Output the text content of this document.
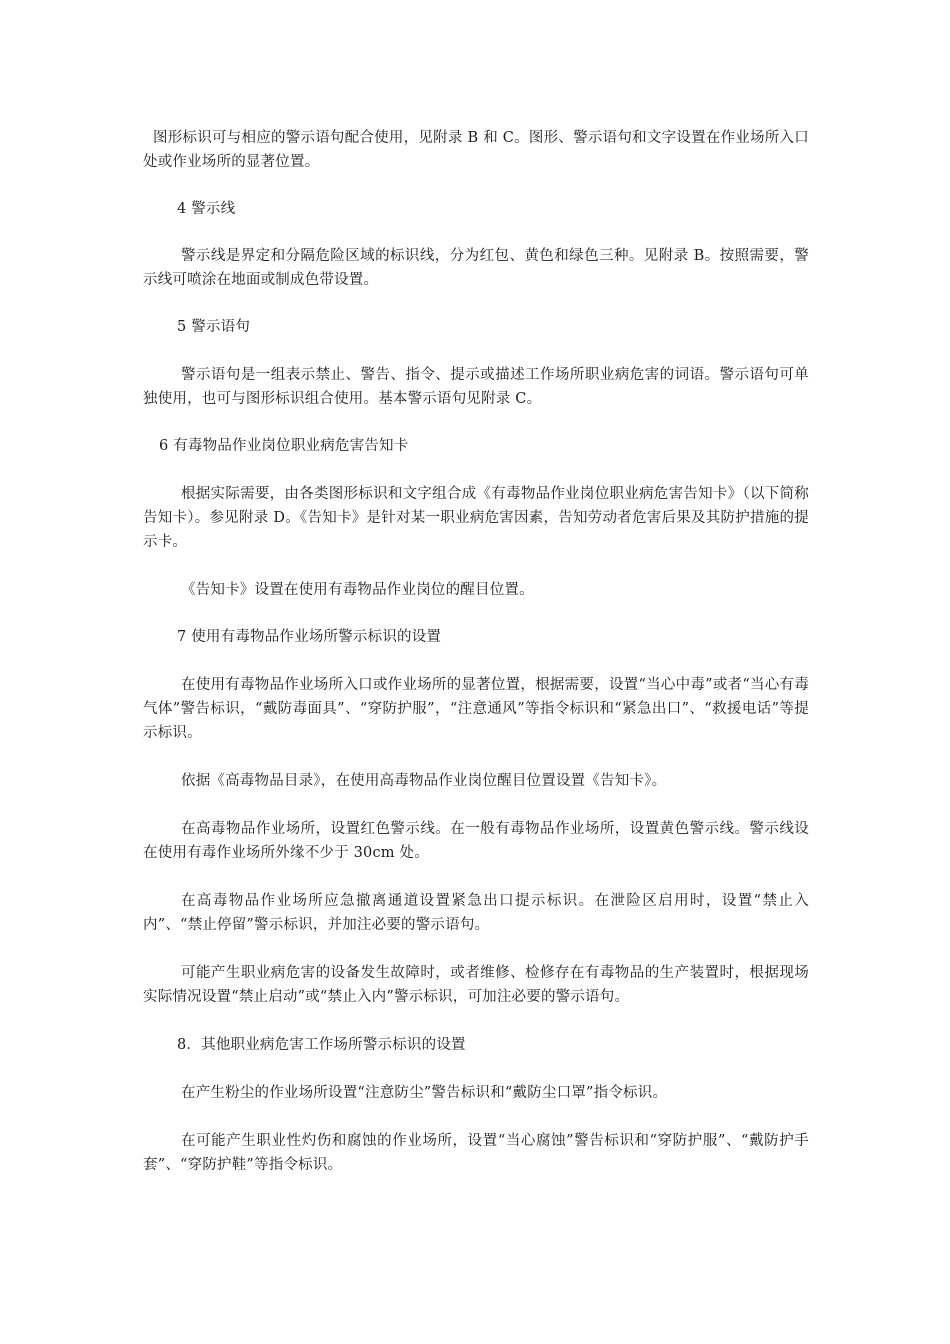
图形标识可与相应的警示语句配合使用，见附录 B 和 C。图形、警示语句和文字设置在作业场所入口处或作业场所的显著位置。

4 警示线

警示线是界定和分隔危险区域的标识线，分为红包、黄色和绿色三种。见附录 B。按照需要，警示线可喷涂在地面或制成色带设置。

5 警示语句

警示语句是一组表示禁止、警告、指令、提示或描述工作场所职业病危害的词语。警示语句可单独使用，也可与图形标识组合使用。基本警示语句见附录 C。

6 有毒物品作业岗位职业病危害告知卡

根据实际需要，由各类图形标识和文字组合成《有毒物品作业岗位职业病危害告知卡》（以下简称告知卡）。参见附录 D。《告知卡》是针对某一职业病危害因素，告知劳动者危害后果及其防护措施的提示卡。

《告知卡》设置在使用有毒物品作业岗位的醒目位置。

7 使用有毒物品作业场所警示标识的设置

在使用有毒物品作业场所入口或作业场所的显著位置，根据需要，设置“当心中毒”或者“当心有毒气体”警告标识，“戴防毒面具”、“穿防护服”，“注意通风”等指令标识和“紧急出口”、“救援电话”等提示标识。

依据《高毒物品目录》，在使用高毒物品作业岗位醒目位置设置《告知卡》。

在高毒物品作业场所，设置红色警示线。在一般有毒物品作业场所，设置黄色警示线。警示线设在使用有毒作业场所外缘不少于 30cm 处。

在高毒物品作业场所应急撤离通道设置紧急出口提示标识。在泄险区启用时，设置“禁止入内”、“禁止停留”警示标识，并加注必要的警示语句。

可能产生职业病危害的设备发生故障时，或者维修、检修存在有毒物品的生产装置时，根据现场实际情况设置“禁止启动”或“禁止入内”警示标识，可加注必要的警示语句。

8．其他职业病危害工作场所警示标识的设置

在产生粉尘的作业场所设置“注意防尘”警告标识和“戴防尘口罩”指令标识。

在可能产生职业性灼伤和腐蚀的作业场所，设置“当心腐蚀”警告标识和“穿防护服”、“戴防护手套”、“穿防护鞋”等指令标识。
